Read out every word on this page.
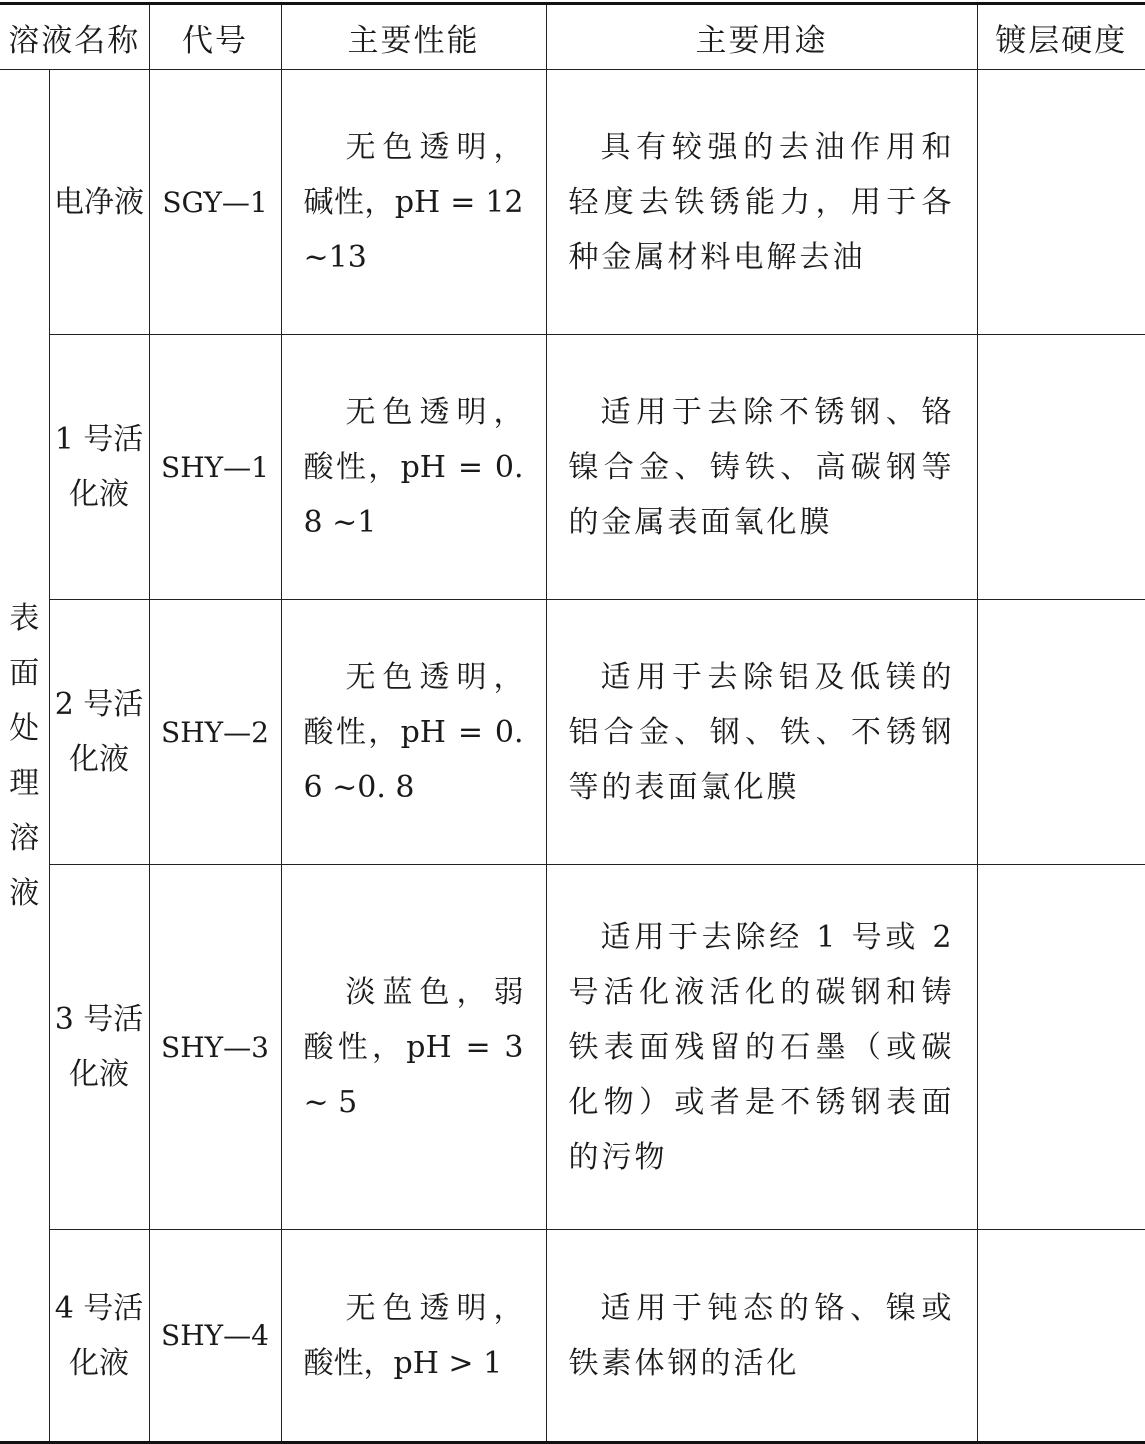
溶液名称		代号	主要性能	主要用途	镀层硬度
表面处理溶液	电净液	SGY—1	无色透明，碱性，pH = 12 ~13	具有较强的去油作用和轻度去铁锈能力，用于各种金属材料电解去油	
	1 号活化液	SHY—1	无色透明，酸性，pH = 0. 8 ~1	适用于去除不锈钢、铬镍合金、铸铁、高碳钢等的金属表面氧化膜	
	2 号活化液	SHY—2	无色透明，酸性，pH = 0. 6 ~0. 8	适用于去除铝及低镁的铝合金、钢、铁、不锈钢等的表面氯化膜	
	3 号活化液	SHY—3	淡蓝色，弱酸性，pH = 3 ~ 5	适用于去除经 1 号或 2 号活化液活化的碳钢和铸铁表面残留的石墨（或碳化物）或者是不锈钢表面的污物	
	4 号活化液	SHY—4	无色透明，酸性，pH > 1	适用于钝态的铬、镍或铁素体钢的活化	
